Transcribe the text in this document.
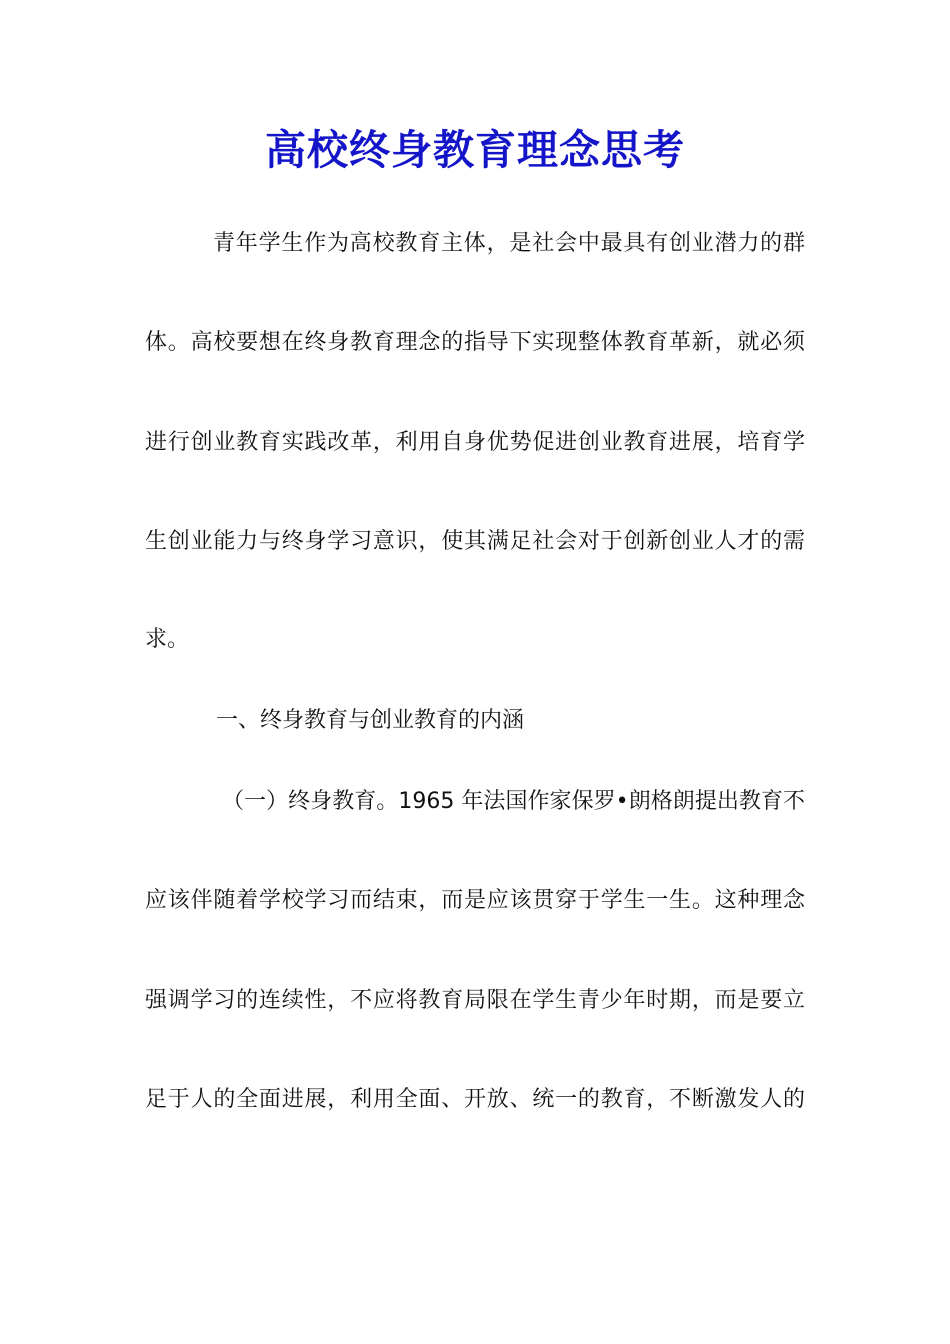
高校终身教育理念思考
青年学生作为高校教育主体，是社会中最具有创业潜力的群
体。高校要想在终身教育理念的指导下实现整体教育革新，就必须
进行创业教育实践改革，利用自身优势促进创业教育进展，培育学
生创业能力与终身学习意识，使其满足社会对于创新创业人才的需
求。
一、终身教育与创业教育的内涵
（一）终身教育。1965 年法国作家保罗•朗格朗提出教育不
应该伴随着学校学习而结束，而是应该贯穿于学生一生。这种理念
强调学习的连续性，不应将教育局限在学生青少年时期，而是要立
足于人的全面进展，利用全面、开放、统一的教育，不断激发人的
